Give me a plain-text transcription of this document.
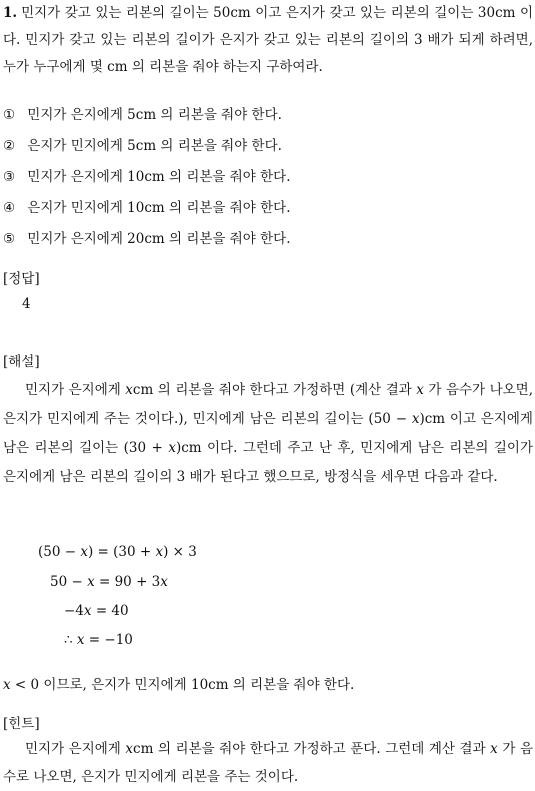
1. 민지가 갖고 있는 리본의 길이는 50cm 이고 은지가 갖고 있는 리본의 길이는 30cm 이다. 민지가 갖고 있는 리본의 길이가 은지가 갖고 있는 리본의 길이의 3 배가 되게 하려면, 누가 누구에게 몇 cm 의 리본을 줘야 하는지 구하여라.
① 민지가 은지에게 5cm 의 리본을 줘야 한다.
② 은지가 민지에게 5cm 의 리본을 줘야 한다.
③ 민지가 은지에게 10cm 의 리본을 줘야 한다.
④ 은지가 민지에게 10cm 의 리본을 줘야 한다.
⑤ 민지가 은지에게 20cm 의 리본을 줘야 한다.
[정답]
4
[해설]
민지가 은지에게 xcm 의 리본을 줘야 한다고 가정하면 (계산 결과 x 가 음수가 나오면, 은지가 민지에게 주는 것이다.), 민지에게 남은 리본의 길이는 (50 − x)cm 이고 은지에게 남은 리본의 길이는 (30 + x)cm 이다. 그런데 주고 난 후, 민지에게 남은 리본의 길이가 은지에게 남은 리본의 길이의 3 배가 된다고 했으므로, 방정식을 세우면 다음과 같다.
(50 − x) = (30 + x) × 3
50 − x = 90 + 3x
−4x = 40
∴ x = −10
x < 0 이므로, 은지가 민지에게 10cm 의 리본을 줘야 한다.
[힌트]
민지가 은지에게 xcm 의 리본을 줘야 한다고 가정하고 푼다. 그런데 계산 결과 x 가 음수로 나오면, 은지가 민지에게 리본을 주는 것이다.
